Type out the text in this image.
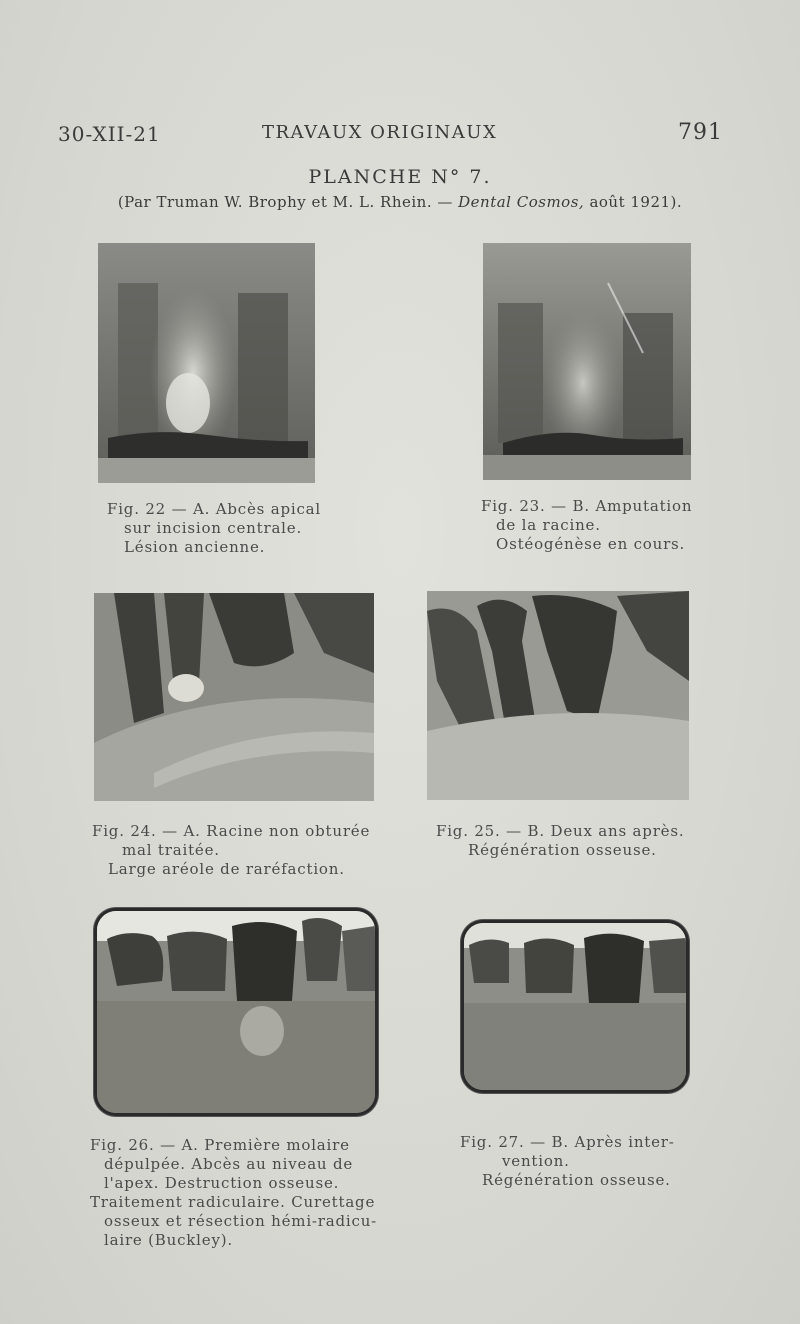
30-XII-21	TRAVAUX ORIGINAUX	791
PLANCHE N° 7.
(Par Truman W. Brophy et M. L. Rhein. — Dental Cosmos, août 1921).
Fig. 22 — A. Abcès apical
sur incision centrale.
Lésion ancienne.
Fig. 23. — B. Amputation
de la racine.
Ostéogénèse en cours.
Fig. 24. — A. Racine non obturée
mal traitée.
Large aréole de raréfaction.
Fig. 25. — B. Deux ans après.
Régénération osseuse.
Fig. 26. — A. Première molaire
dépulpée. Abcès au niveau de
l'apex. Destruction osseuse.
Traitement radiculaire. Curettage
osseux et résection hémi-radicu-
laire (Buckley).
Fig. 27. — B. Après inter-
vention.
Régénération osseuse.
